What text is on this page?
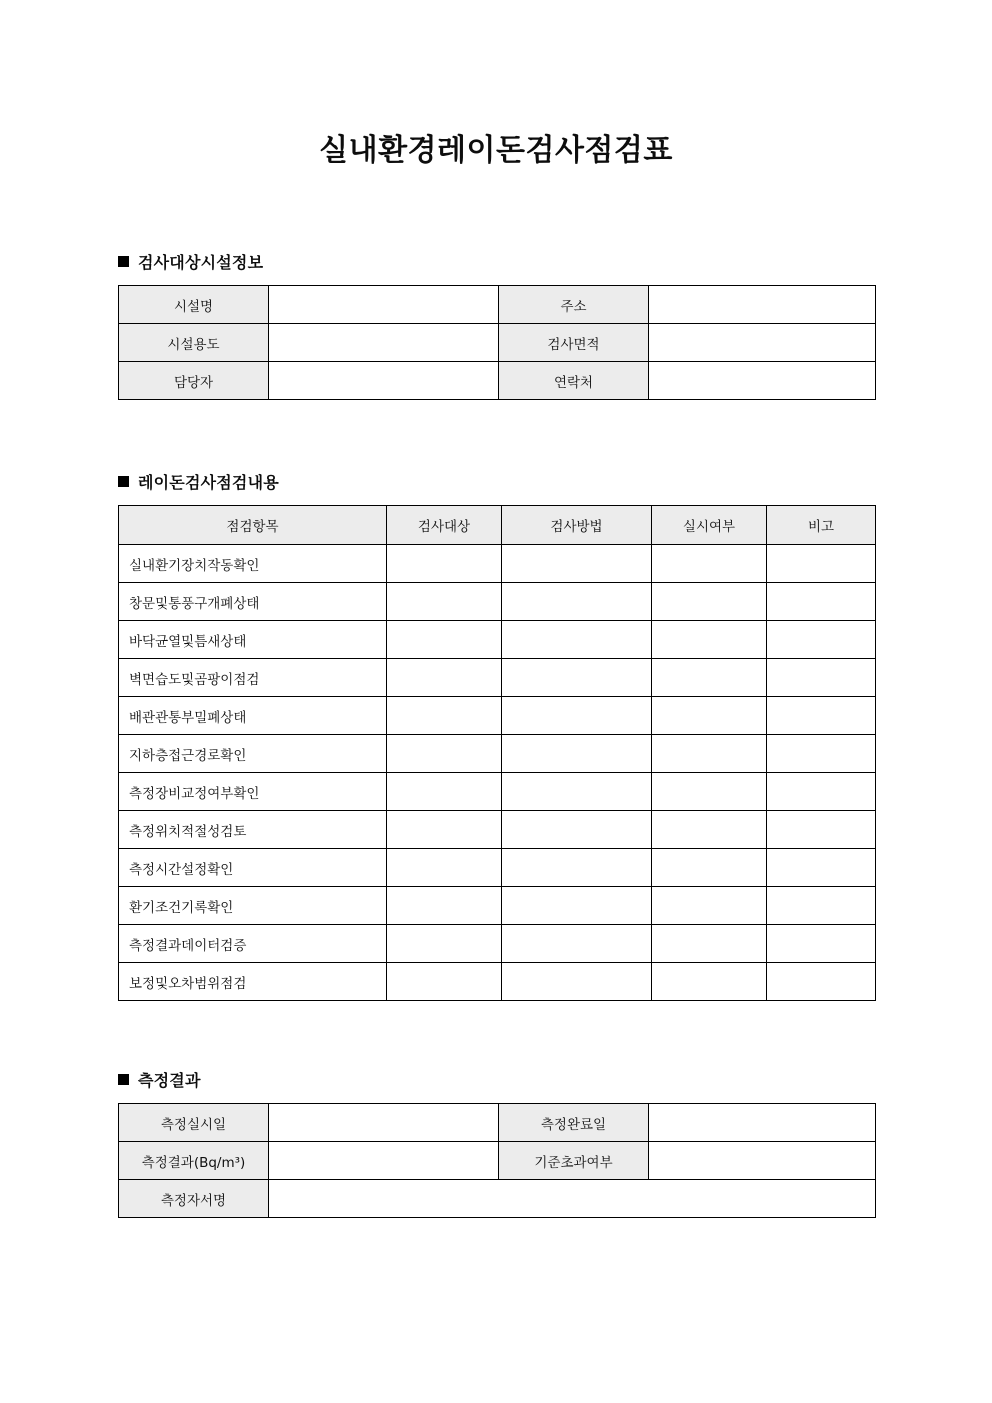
실내환경레이돈검사점검표
검사대상시설정보
시설명		주소	
시설용도		검사면적	
담당자		연락처	
레이돈검사점검내용
점검항목	검사대상	검사방법	실시여부	비고
실내환기장치작동확인				
창문및통풍구개폐상태				
바닥균열및틈새상태				
벽면습도및곰팡이점검				
배관관통부밀폐상태				
지하층접근경로확인				
측정장비교정여부확인				
측정위치적절성검토				
측정시간설정확인				
환기조건기록확인				
측정결과데이터검증				
보정및오차범위점검				
측정결과
측정실시일		측정완료일	
측정결과(Bq/m³)		기준초과여부	
측정자서명			
